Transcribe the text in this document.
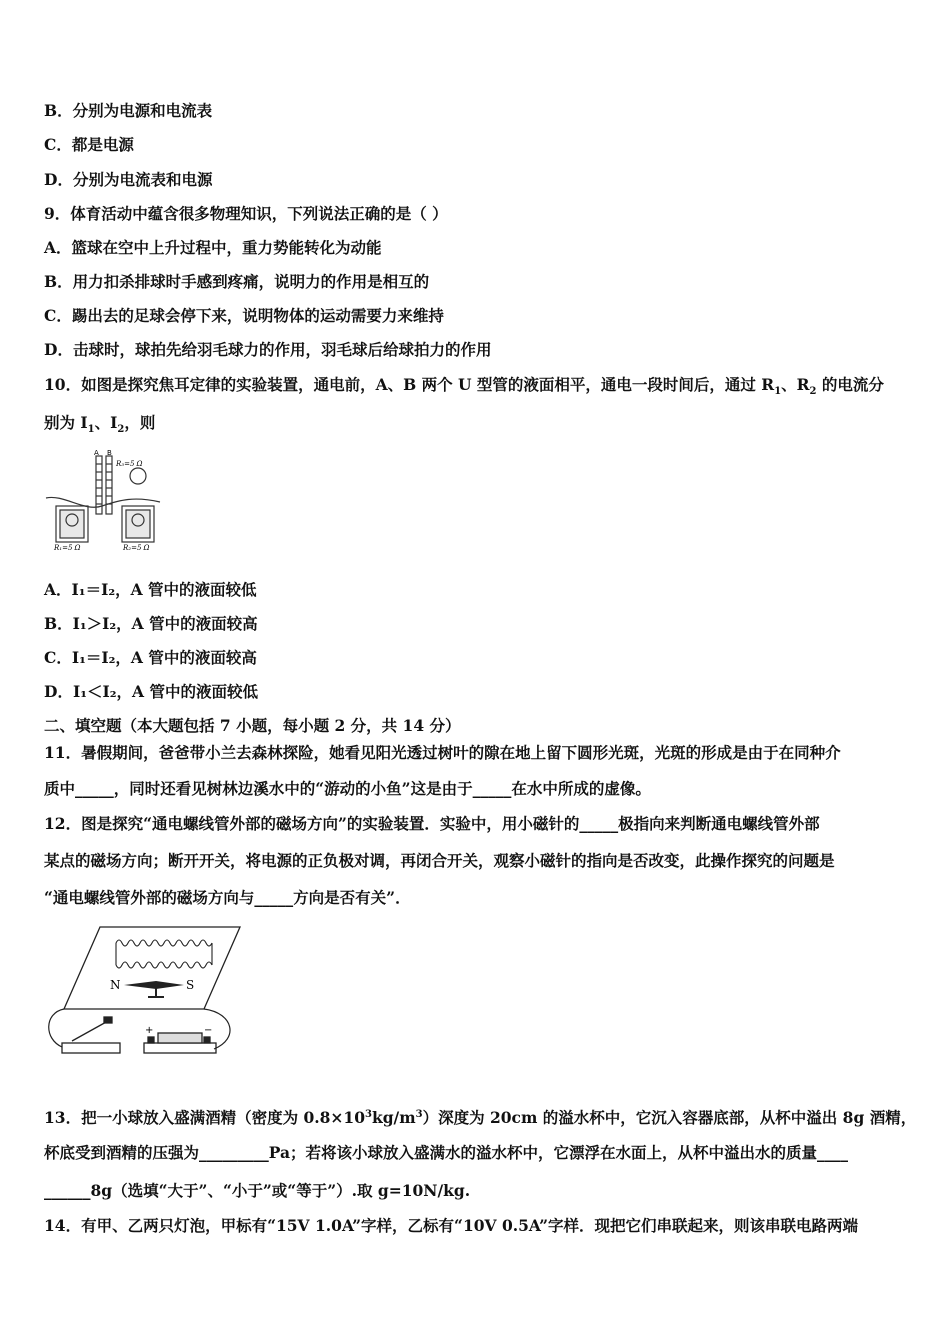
B．分别为电源和电流表
C．都是电源
D．分别为电流表和电源
9．体育活动中蕴含很多物理知识，下列说法正确的是（ ）
A．篮球在空中上升过程中，重力势能转化为动能
B．用力扣杀排球时手感到疼痛，说明力的作用是相互的
C．踢出去的足球会停下来，说明物体的运动需要力来维持
D．击球时，球拍先给羽毛球力的作用，羽毛球后给球拍力的作用
10．如图是探究焦耳定律的实验装置，通电前，A、B 两个 U 型管的液面相平，通电一段时间后，通过 $R_1$、$R_2$ 的电流分
别为 $I_1$、$I_2$，则
A B
R₃=5 Ω
R₁=5 Ω	R₂=5 Ω
A．I₁＝I₂，A 管中的液面较低
B．I₁＞I₂，A 管中的液面较高
C．I₁＝I₂，A 管中的液面较高
D．I₁＜I₂，A 管中的液面较低
二、填空题（本大题包括 7 小题，每小题 2 分，共 14 分）
11．暑假期间，爸爸带小兰去森林探险，她看见阳光透过树叶的隙在地上留下圆形光斑，光斑的形成是由于在同种介
质中_____，同时还看见树林边溪水中的“游动的小鱼”这是由于_____在水中所成的虚像。
12．图是探究“通电螺线管外部的磁场方向”的实验装置．实验中，用小磁针的_____极指向来判断通电螺线管外部
某点的磁场方向；断开开关，将电源的正负极对调，再闭合开关，观察小磁针的指向是否改变，此操作探究的问题是
“通电螺线管外部的磁场方向与_____方向是否有关”．
N	S
+	−
13．把一小球放入盛满酒精（密度为 $0.8\times 10^3kg/m^3$）深度为 20cm 的溢水杯中，它沉入容器底部，从杯中溢出 8g 酒精，
杯底受到酒精的压强为_________Pa；若将该小球放入盛满水的溢水杯中，它漂浮在水面上，从杯中溢出水的质量____
______8g（选填“大于”、“小于”或“等于”）.取 g=10N/kg.
14．有甲、乙两只灯泡，甲标有“15V 1.0A”字样，乙标有“10V 0.5A”字样．现把它们串联起来，则该串联电路两端
